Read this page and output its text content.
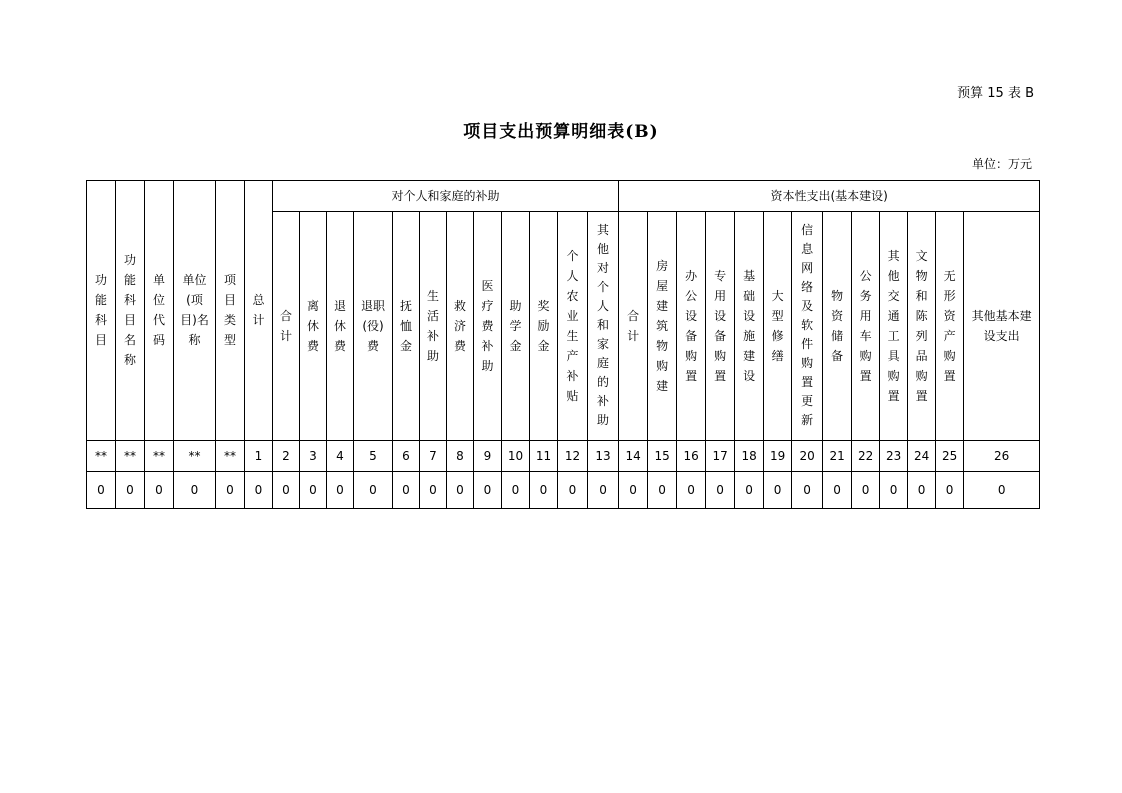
预算 15 表 B
项目支出预算明细表(B)
单位：万元
功能科目	功能科目名称	单位代码	单位(项目)名称	项目类型	总计	对个人和家庭的补助												资本性支出(基本建设)												
						合计	离休费	退休费	退职(役)费	抚恤金	生活补助	救济费	医疗费补助	助学金	奖励金	个人农业生产补贴	其他对个人和家庭的补助	合计	房屋建筑物购建	办公设备购置	专用设备购置	基础设施建设	大型修缮	信息网络及软件购置更新	物资储备	公务用车购置	其他交通工具购置	文物和陈列品购置	无形资产购置	其他基本建设支出
**	**	**	**	**	1	2	3	4	5	6	7	8	9	10	11	12	13	14	15	16	17	18	19	20	21	22	23	24	25	26
0	0	0	0	0	0	0	0	0	0	0	0	0	0	0	0	0	0	0	0	0	0	0	0	0	0	0	0	0	0	0
